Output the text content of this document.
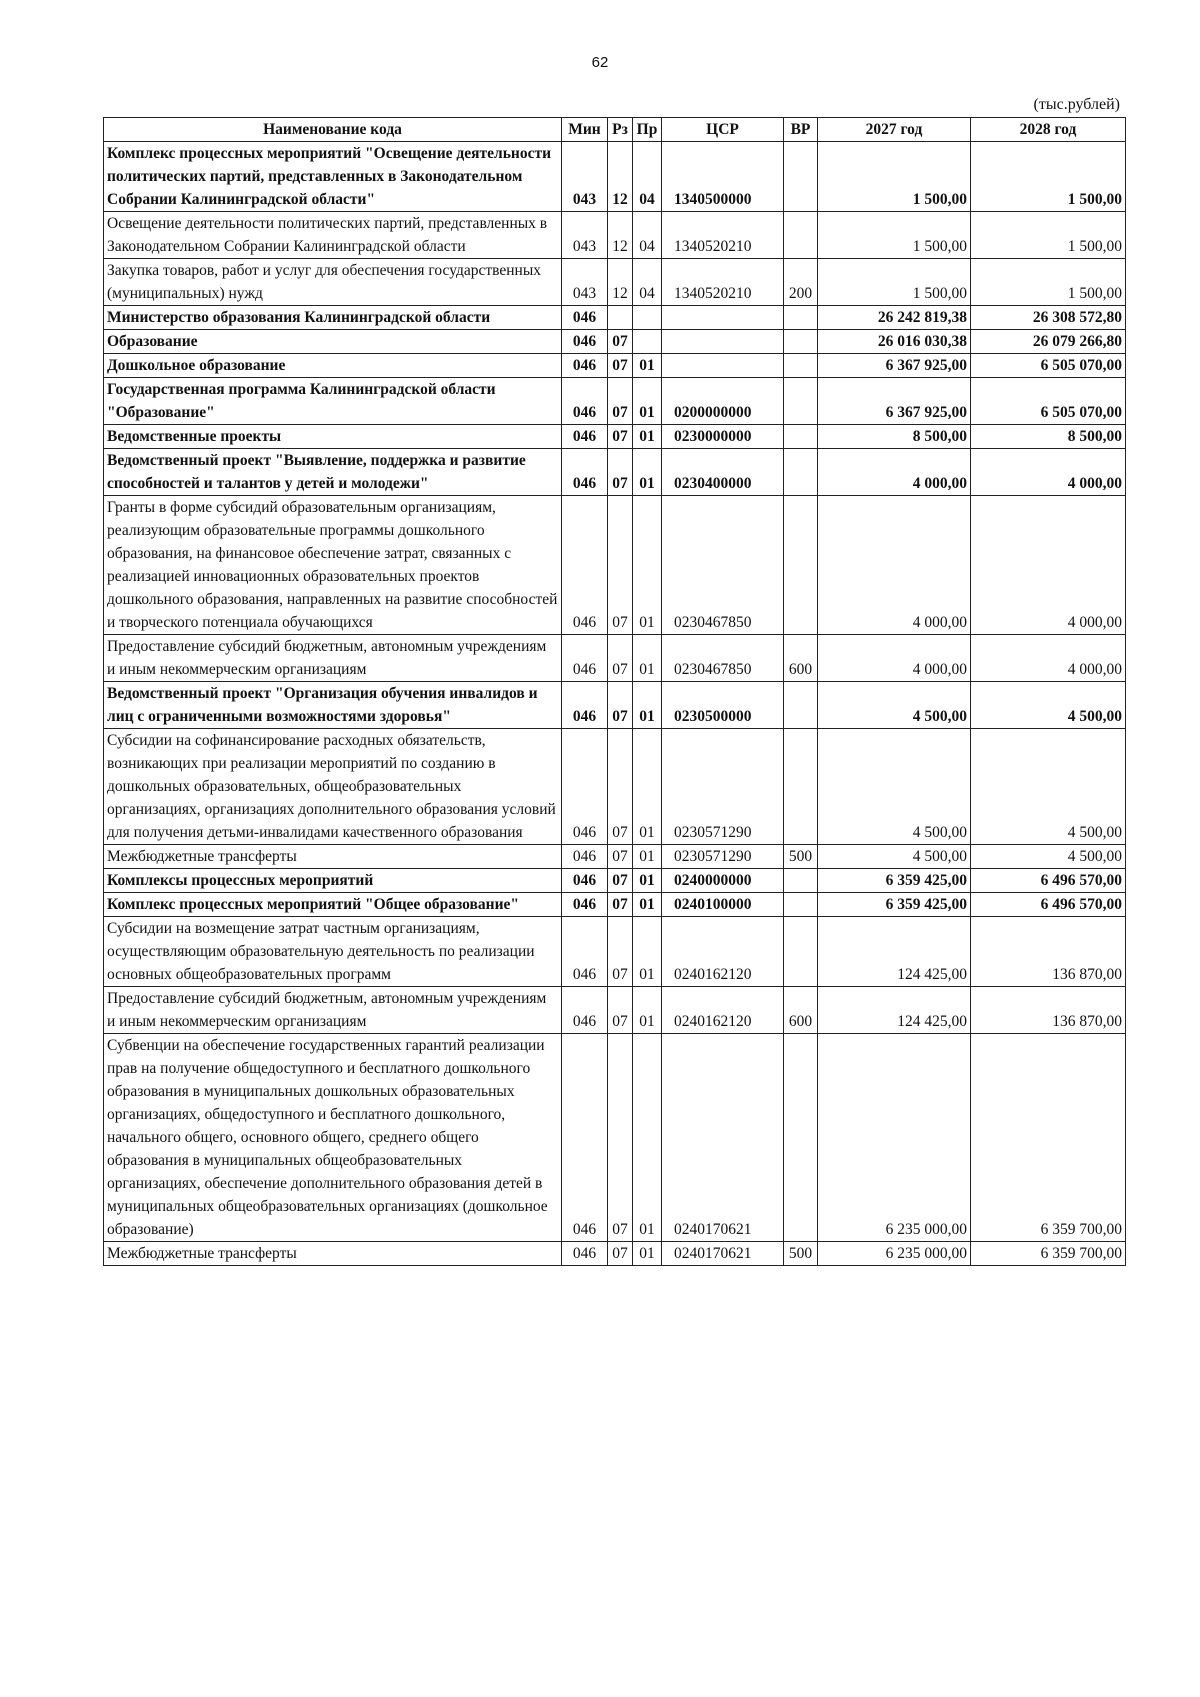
62
(тыс.рублей)
Наименование кода	Мин	Рз	Пр	ЦСР	ВР	2027 год	2028 год
Комплекс процессных мероприятий "Освещение деятельности политических партий, представленных в Законодательном Собрании Калининградской области"	043	12	04	1340500000		1 500,00	1 500,00
Освещение деятельности политических партий, представленных в Законодательном Собрании Калининградской области	043	12	04	1340520210		1 500,00	1 500,00
Закупка товаров, работ и услуг для обеспечения государственных (муниципальных) нужд	043	12	04	1340520210	200	1 500,00	1 500,00
Министерство образования Калининградской области	046					26 242 819,38	26 308 572,80
Образование	046	07				26 016 030,38	26 079 266,80
Дошкольное образование	046	07	01			6 367 925,00	6 505 070,00
Государственная программа Калининградской области "Образование"	046	07	01	0200000000		6 367 925,00	6 505 070,00
Ведомственные проекты	046	07	01	0230000000		8 500,00	8 500,00
Ведомственный проект "Выявление, поддержка и развитие способностей и талантов у детей и молодежи"	046	07	01	0230400000		4 000,00	4 000,00
Гранты в форме субсидий образовательным организациям, реализующим образовательные программы дошкольного образования, на финансовое обеспечение затрат, связанных с реализацией инновационных образовательных проектов дошкольного образования, направленных на развитие способностей и творческого потенциала обучающихся	046	07	01	0230467850		4 000,00	4 000,00
Предоставление субсидий бюджетным, автономным учреждениям и иным некоммерческим организациям	046	07	01	0230467850	600	4 000,00	4 000,00
Ведомственный проект "Организация обучения инвалидов и лиц с ограниченными возможностями здоровья"	046	07	01	0230500000		4 500,00	4 500,00
Субсидии на софинансирование расходных обязательств, возникающих при реализации мероприятий по созданию в дошкольных образовательных, общеобразовательных организациях, организациях дополнительного образования условий для получения детьми-инвалидами качественного образования	046	07	01	0230571290		4 500,00	4 500,00
Межбюджетные трансферты	046	07	01	0230571290	500	4 500,00	4 500,00
Комплексы процессных мероприятий	046	07	01	0240000000		6 359 425,00	6 496 570,00
Комплекс процессных мероприятий "Общее образование"	046	07	01	0240100000		6 359 425,00	6 496 570,00
Субсидии на возмещение затрат частным организациям, осуществляющим образовательную деятельность по реализации основных общеобразовательных программ	046	07	01	0240162120		124 425,00	136 870,00
Предоставление субсидий бюджетным, автономным учреждениям и иным некоммерческим организациям	046	07	01	0240162120	600	124 425,00	136 870,00
Субвенции на обеспечение государственных гарантий реализации прав на получение общедоступного и бесплатного дошкольного образования в муниципальных дошкольных образовательных организациях, общедоступного и бесплатного дошкольного, начального общего, основного общего, среднего общего образования в муниципальных общеобразовательных организациях, обеспечение дополнительного образования детей в муниципальных общеобразовательных организациях (дошкольное образование)	046	07	01	0240170621		6 235 000,00	6 359 700,00
Межбюджетные трансферты	046	07	01	0240170621	500	6 235 000,00	6 359 700,00
